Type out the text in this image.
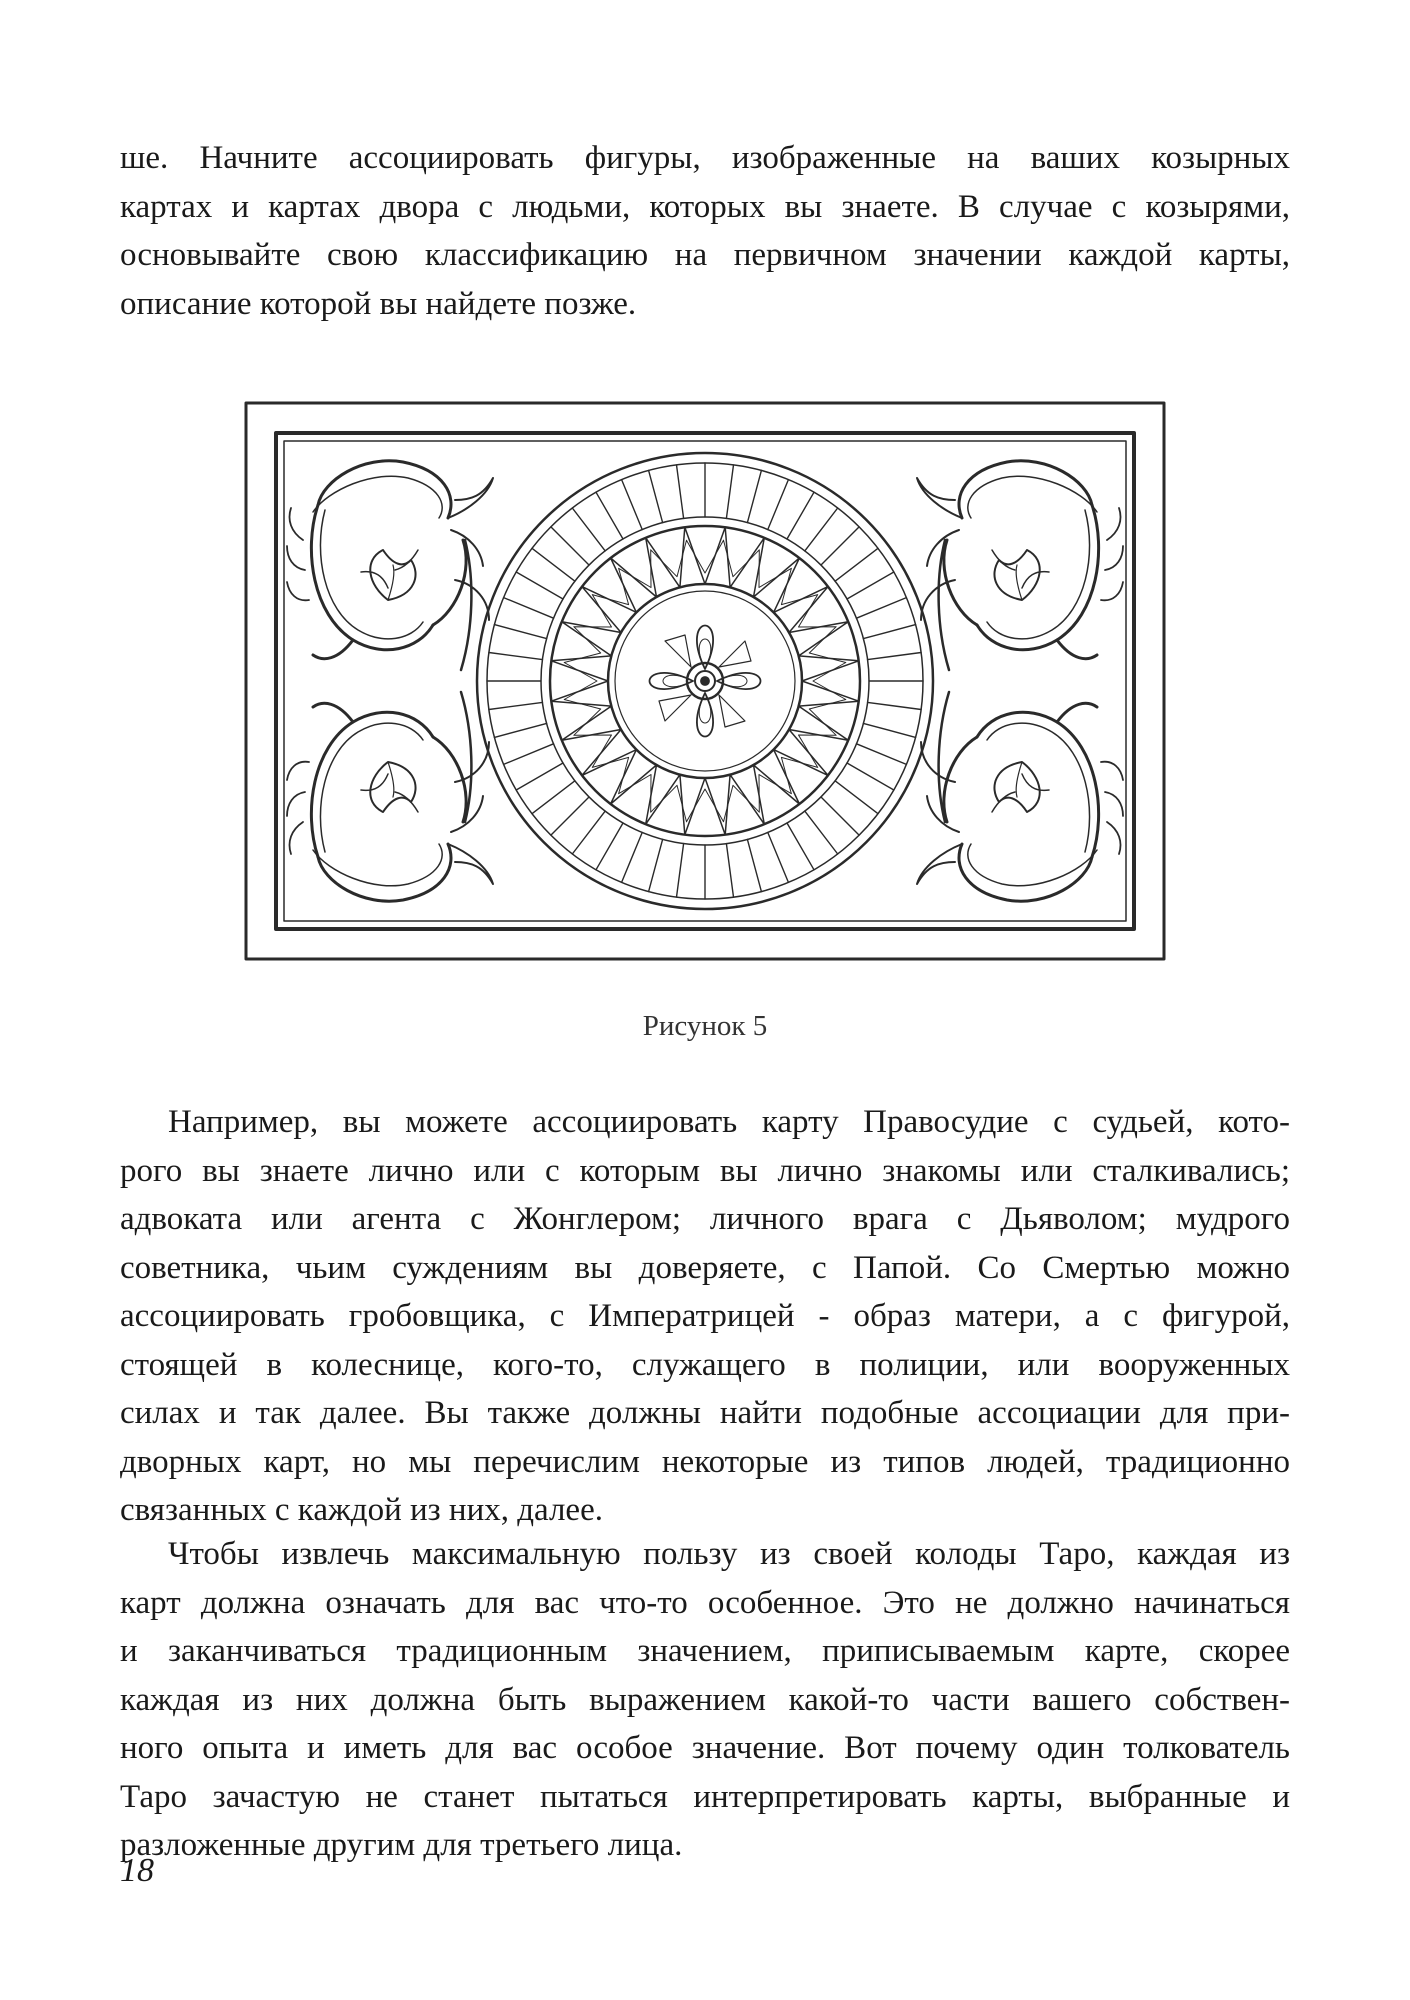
ше. Начните ассоциировать фигуры, изображенные на ваших козырных
картах и картах двора с людьми, которых вы знаете. В случае с козырями,
основывайте свою классификацию на первичном значении каждой карты,
описание которой вы найдете позже.

Рисунок 5

Например, вы можете ассоциировать карту Правосудие с судьей, кото-
рого вы знаете лично или с которым вы лично знакомы или сталкивались;
адвоката или агента с Жонглером; личного врага с Дьяволом; мудрого
советника, чьим суждениям вы доверяете, с Папой. Со Смертью можно
ассоциировать гробовщика, с Императрицей - образ матери, а с фигурой,
стоящей в колеснице, кого-то, служащего в полиции, или вооруженных
силах и так далее. Вы также должны найти подобные ассоциации для при-
дворных карт, но мы перечислим некоторые из типов людей, традиционно
связанных с каждой из них, далее.

Чтобы извлечь максимальную пользу из своей колоды Таро, каждая из
карт должна означать для вас что-то особенное. Это не должно начинаться
и заканчиваться традиционным значением, приписываемым карте, скорее
каждая из них должна быть выражением какой-то части вашего собствен-
ного опыта и иметь для вас особое значение. Вот почему один толкователь
Таро зачастую не станет пытаться интерпретировать карты, выбранные и
разложенные другим для третьего лица.

18
